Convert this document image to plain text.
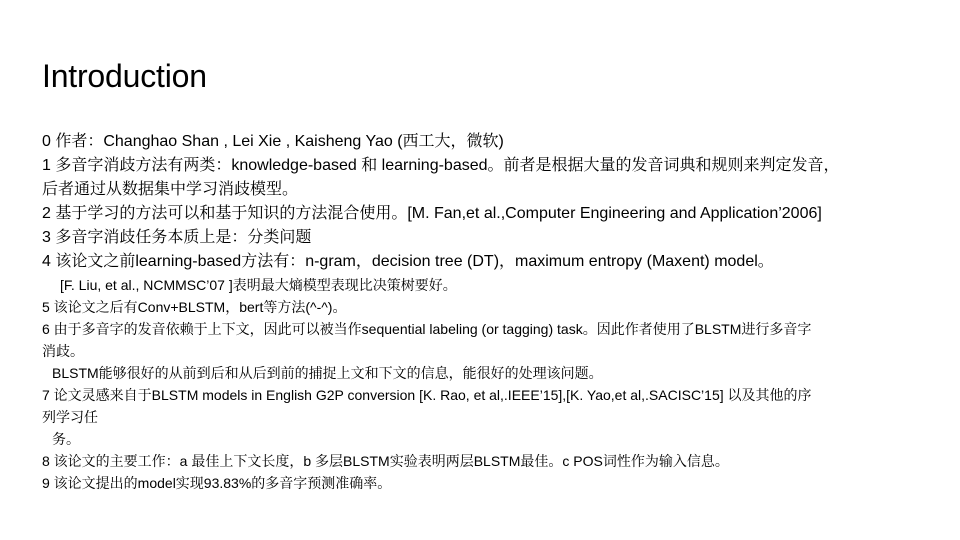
Introduction
0 作者：Changhao Shan , Lei Xie , Kaisheng Yao (西工大，微软)
1 多音字消歧方法有两类：knowledge-based 和 learning-based。前者是根据大量的发音词典和规则来判定发音，
后者通过从数据集中学习消歧模型。
2 基于学习的方法可以和基于知识的方法混合使用。[M. Fan,et al.,Computer Engineering and Application’2006]
3 多音字消歧任务本质上是：分类问题
4 该论文之前learning-based方法有：n-gram，decision tree (DT)，maximum entropy (Maxent) model。
[F. Liu, et al., NCMMSC’07 ]表明最大熵模型表现比决策树要好。
5 该论文之后有Conv+BLSTM，bert等方法(^-^)。
6 由于多音字的发音依赖于上下文，因此可以被当作sequential labeling (or tagging) task。因此作者使用了BLSTM进行多音字
消歧。
BLSTM能够很好的从前到后和从后到前的捕捉上文和下文的信息，能很好的处理该问题。
7 论文灵感来自于BLSTM models in English G2P conversion [K. Rao, et al,.IEEE’15],[K. Yao,et al,.SACISC’15] 以及其他的序
列学习任
务。
8 该论文的主要工作：a 最佳上下文长度，b 多层BLSTM实验表明两层BLSTM最佳。c POS词性作为输入信息。
9 该论文提出的model实现93.83%的多音字预测准确率。
